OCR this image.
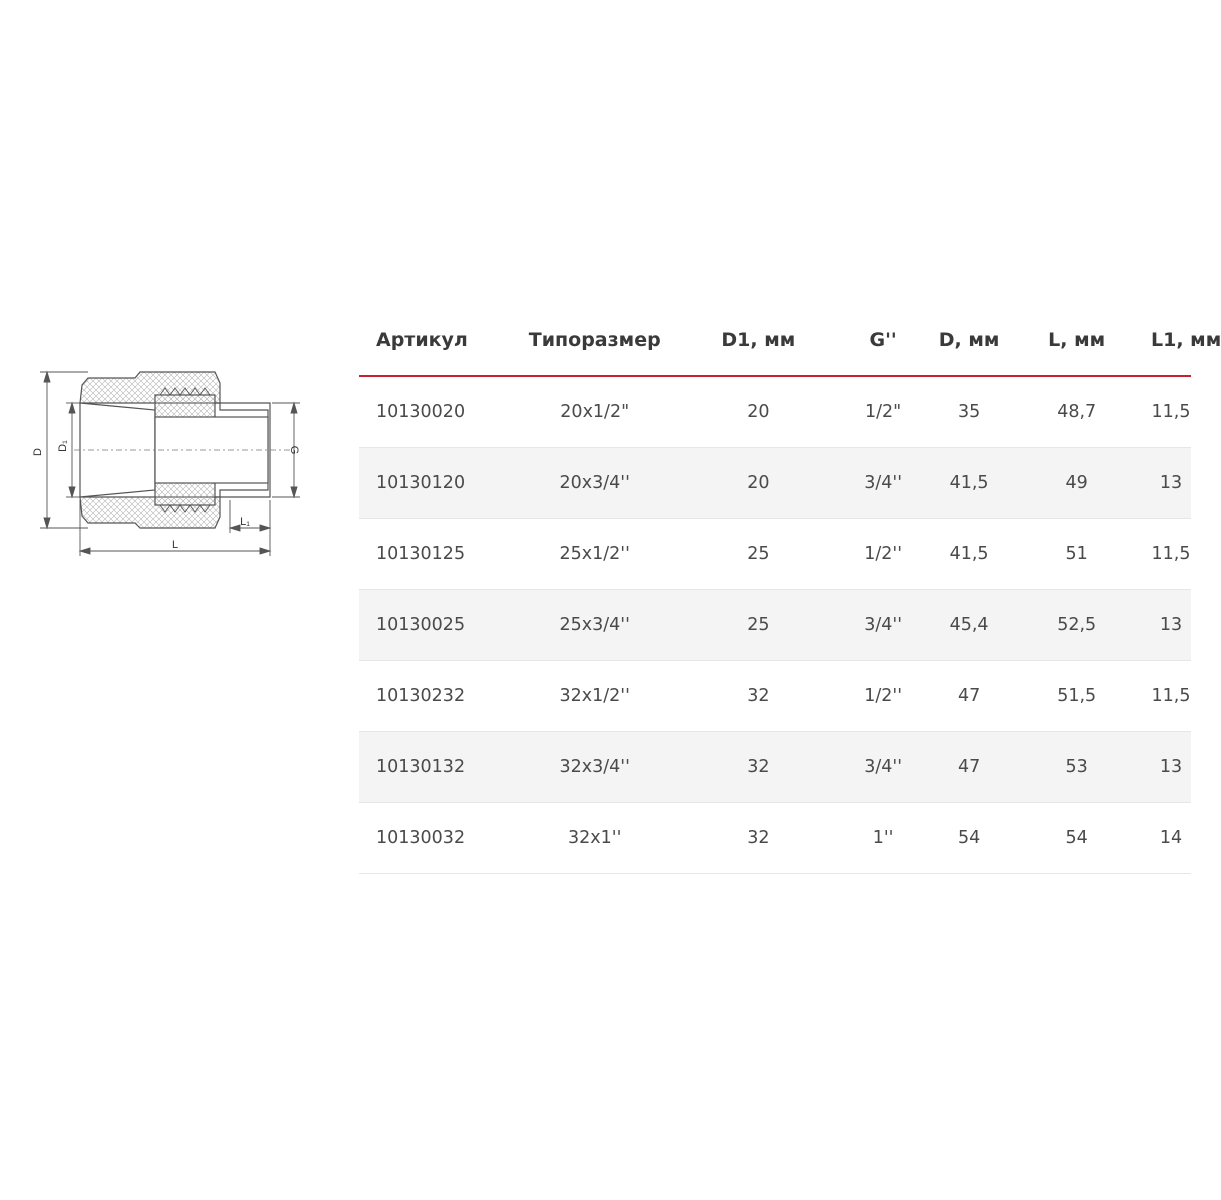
D
D₁	G
L
L₁
Артикул	Типоразмер	D1, мм	G''	D, мм	L, мм	L1, мм
10130020	20x1/2"	20	1/2"	35	48,7	11,5
10130120	20x3/4''	20	3/4''	41,5	49	13
10130125	25x1/2''	25	1/2''	41,5	51	11,5
10130025	25x3/4''	25	3/4''	45,4	52,5	13
10130232	32x1/2''	32	1/2''	47	51,5	11,5
10130132	32x3/4''	32	3/4''	47	53	13
10130032	32x1''	32	1''	54	54	14
